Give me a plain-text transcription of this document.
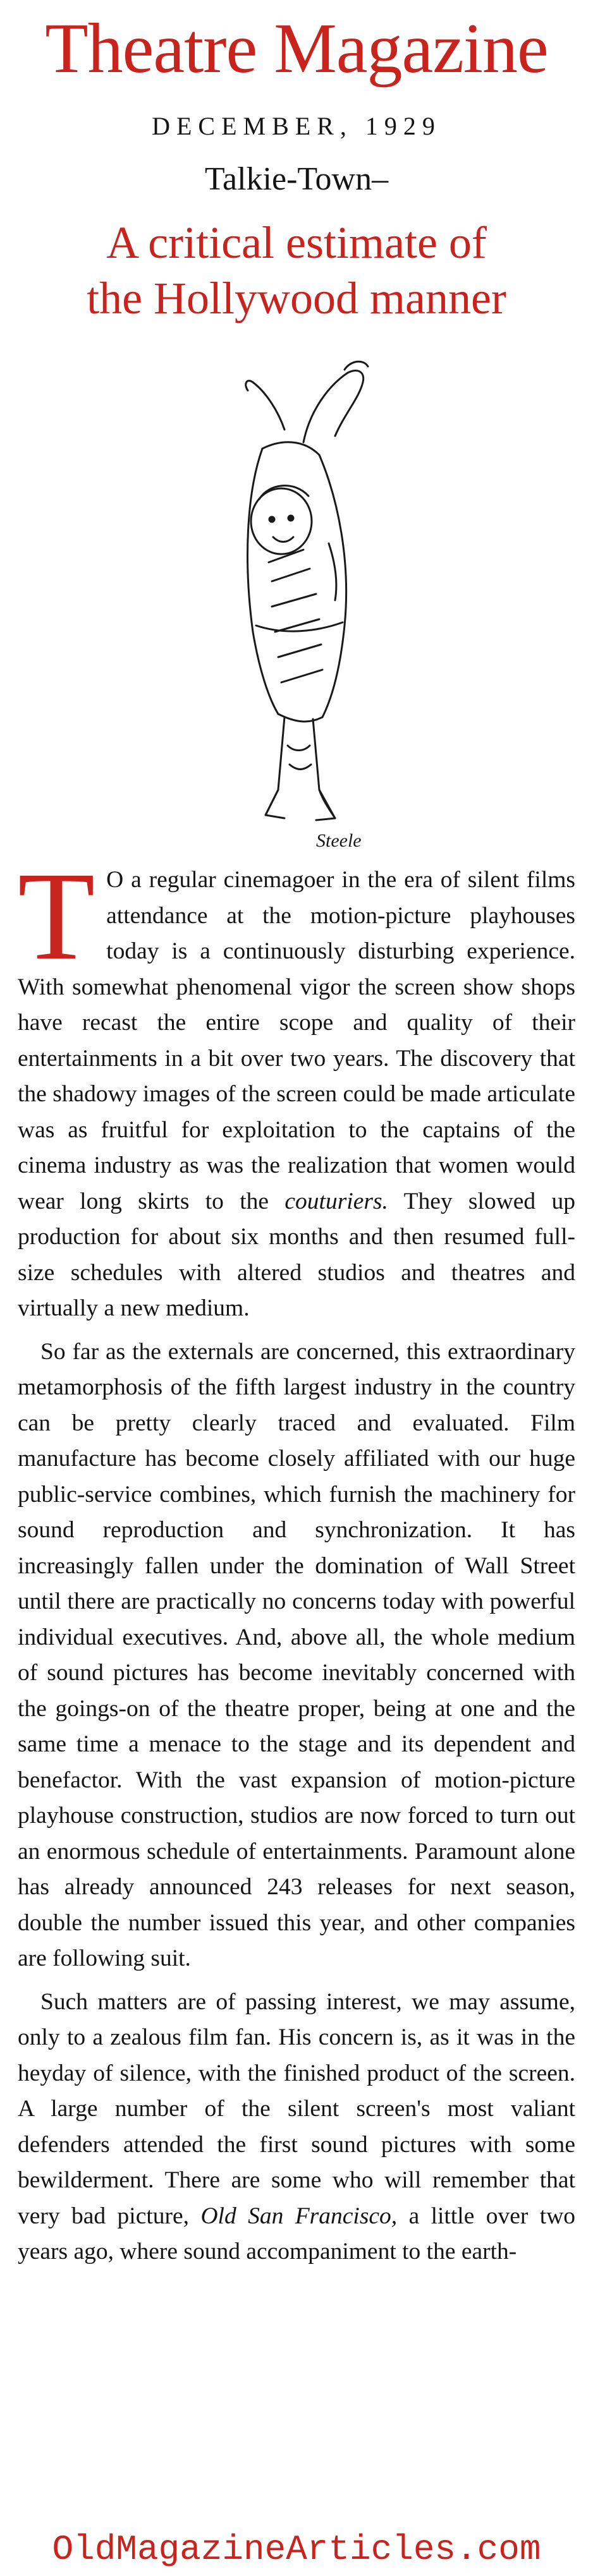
Theatre Magazine
DECEMBER, 1929
Talkie-Town–
A critical estimate of
the Hollywood manner
Steele

T O a regular cinemagoer in the era of silent films attendance at the motion-picture playhouses today is a continuously disturbing experience. With somewhat phenomenal vigor the screen show shops have recast the entire scope and quality of their entertainments in a bit over two years. The discovery that the shadowy images of the screen could be made articulate was as fruitful for exploitation to the captains of the cinema industry as was the realization that women would wear long skirts to the couturiers. They slowed up production for about six months and then resumed full-size schedules with altered studios and theatres and virtually a new medium.

So far as the externals are concerned, this extraordinary metamorphosis of the fifth largest industry in the country can be pretty clearly traced and evaluated. Film manufacture has become closely affiliated with our huge public-service combines, which furnish the machinery for sound reproduction and synchronization. It has increasingly fallen under the domination of Wall Street until there are practically no concerns today with powerful individual executives. And, above all, the whole medium of sound pictures has become inevitably concerned with the goings-on of the theatre proper, being at one and the same time a menace to the stage and its dependent and benefactor. With the vast expansion of motion-picture playhouse construction, studios are now forced to turn out an enormous schedule of entertainments. Paramount alone has already announced 243 releases for next season, double the number issued this year, and other companies are following suit.

Such matters are of passing interest, we may assume, only to a zealous film fan. His concern is, as it was in the heyday of silence, with the finished product of the screen. A large number of the silent screen's most valiant defenders attended the first sound pictures with some bewilderment. There are some who will remember that very bad picture, Old San Francisco, a little over two years ago, where sound accompaniment to the earth-

OldMagazineArticles.com
